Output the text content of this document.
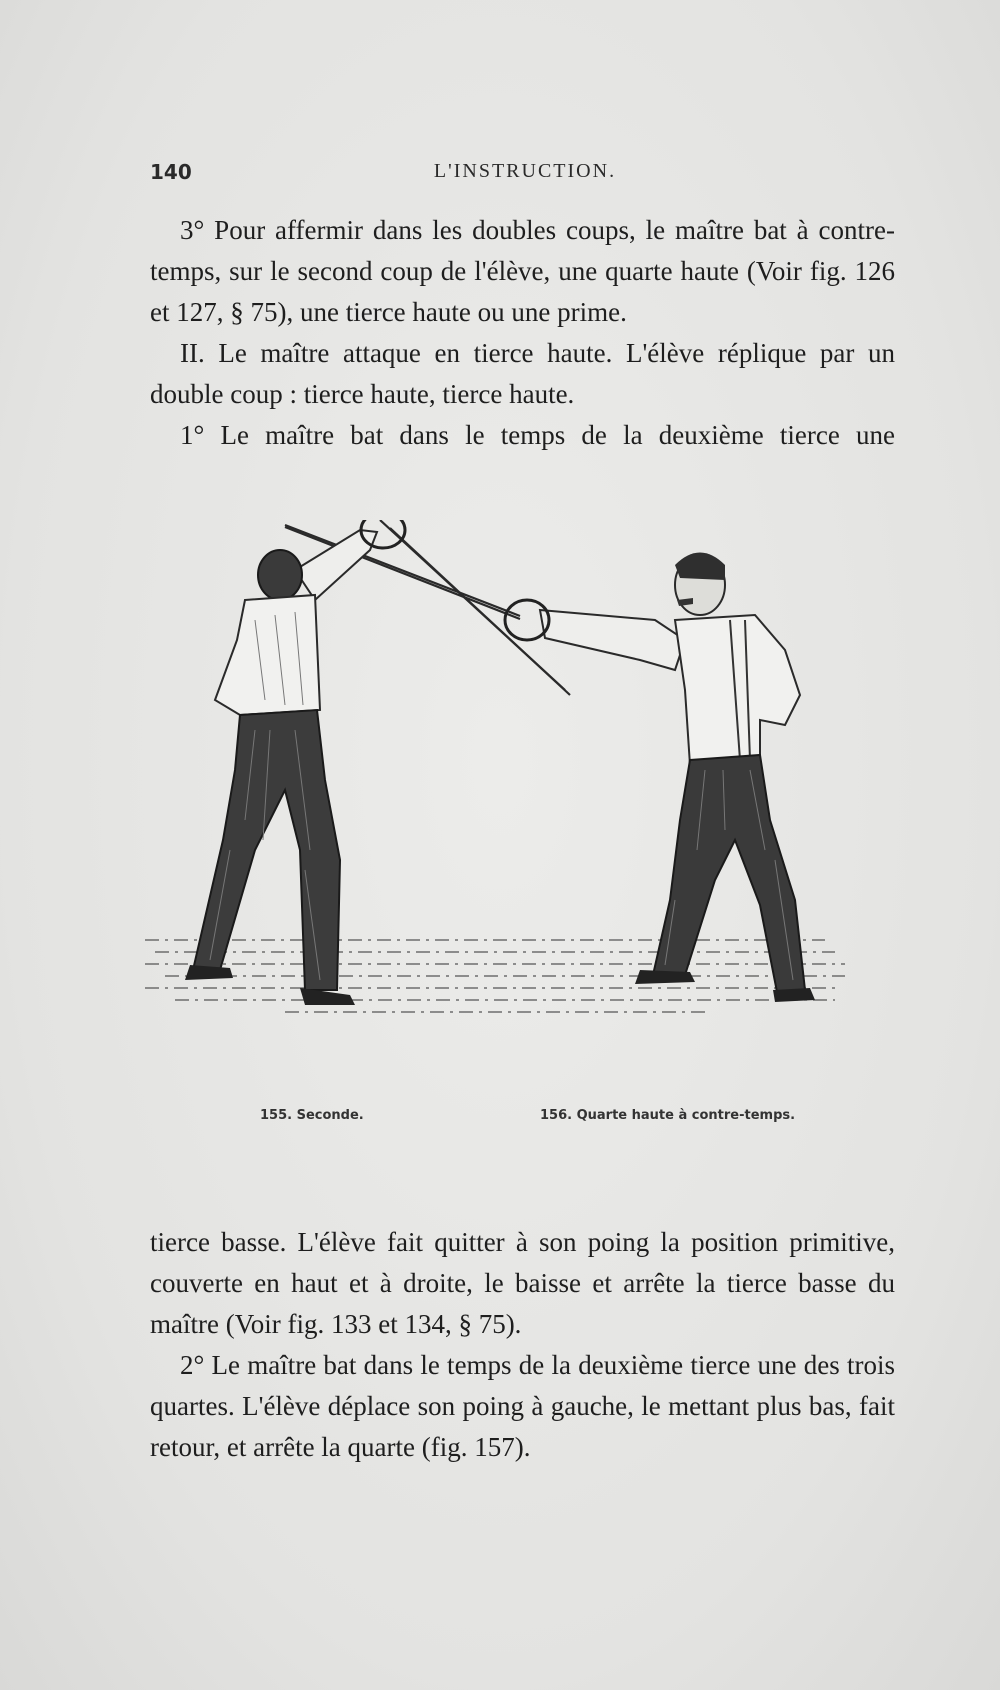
140	L'INSTRUCTION.

3° Pour affermir dans les doubles coups, le maître bat à contre-temps, sur le second coup de l'élève, une quarte haute (Voir fig. 126 et 127, § 75), une tierce haute ou une prime.

II. Le maître attaque en tierce haute. L'élève réplique par un double coup : tierce haute, tierce haute.

1° Le maître bat dans le temps de la deuxième tierce une

155. Seconde.	156. Quarte haute à contre-temps.

tierce basse. L'élève fait quitter à son poing la position primitive, couverte en haut et à droite, le baisse et arrête la tierce basse du maître (Voir fig. 133 et 134, § 75).

2° Le maître bat dans le temps de la deuxième tierce une des trois quartes. L'élève déplace son poing à gauche, le mettant plus bas, fait retour, et arrête la quarte (fig. 157).
